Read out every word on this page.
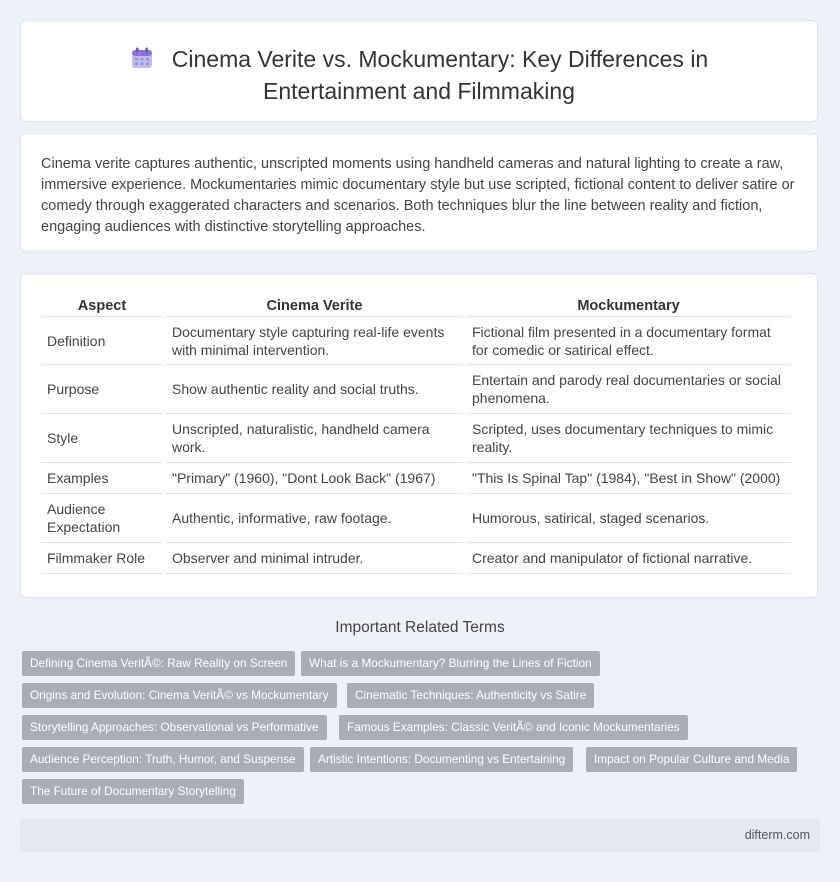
Cinema Verite vs. Mockumentary: Key Differences in
Entertainment and Filmmaking
Cinema verite captures authentic, unscripted moments using handheld cameras and natural lighting to create a raw, immersive experience. Mockumentaries mimic documentary style but use scripted, fictional content to deliver satire or comedy through exaggerated characters and scenarios. Both techniques blur the line between reality and fiction, engaging audiences with distinctive storytelling approaches.
Aspect	Cinema Verite	Mockumentary
Definition	Documentary style capturing real-life events with minimal intervention.	Fictional film presented in a documentary format for comedic or satirical effect.
Purpose	Show authentic reality and social truths.	Entertain and parody real documentaries or social phenomena.
Style	Unscripted, naturalistic, handheld camera work.	Scripted, uses documentary techniques to mimic reality.
Examples	"Primary" (1960), "Dont Look Back" (1967)	"This Is Spinal Tap" (1984), "Best in Show" (2000)
Audience Expectation	Authentic, informative, raw footage.	Humorous, satirical, staged scenarios.
Filmmaker Role	Observer and minimal intruder.	Creator and manipulator of fictional narrative.
Important Related Terms
Defining Cinema VeritÃ©: Raw Reality on Screen	What is a Mockumentary? Blurring the Lines of Fiction
Origins and Evolution: Cinema VeritÃ© vs Mockumentary	Cinematic Techniques: Authenticity vs Satire
Storytelling Approaches: Observational vs Performative	Famous Examples: Classic VeritÃ© and Iconic Mockumentaries
Audience Perception: Truth, Humor, and Suspense	Artistic Intentions: Documenting vs Entertaining	Impact on Popular Culture and Media
The Future of Documentary Storytelling
difterm.com
